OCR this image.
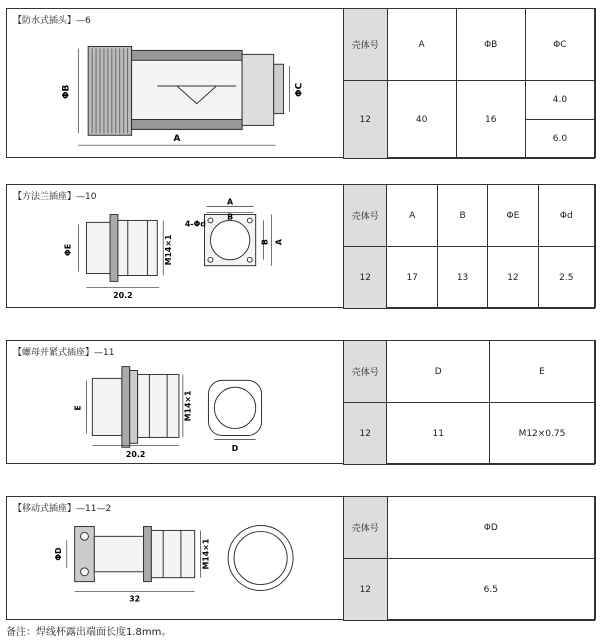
【防水式插头】—6
ΦB	ΦC
A
壳体号	A	ΦB	ΦC
12	40	16	4.0
			6.0
【方法兰插座】—10
ΦE	M14×1
20.2
4-Φd
A
B
B A
壳体号	A	B	ΦE	Φd
12	17	13	12	2.5
【螺母并紧式插座】—11
E	M14×1
20.2
D
壳体号	D	E
12	11	M12×0.75
【移动式插座】—11—2
ΦD	M14×1
32
壳体号	ΦD
12	6.5
备注：焊线杯露出端面长度1.8mm。
